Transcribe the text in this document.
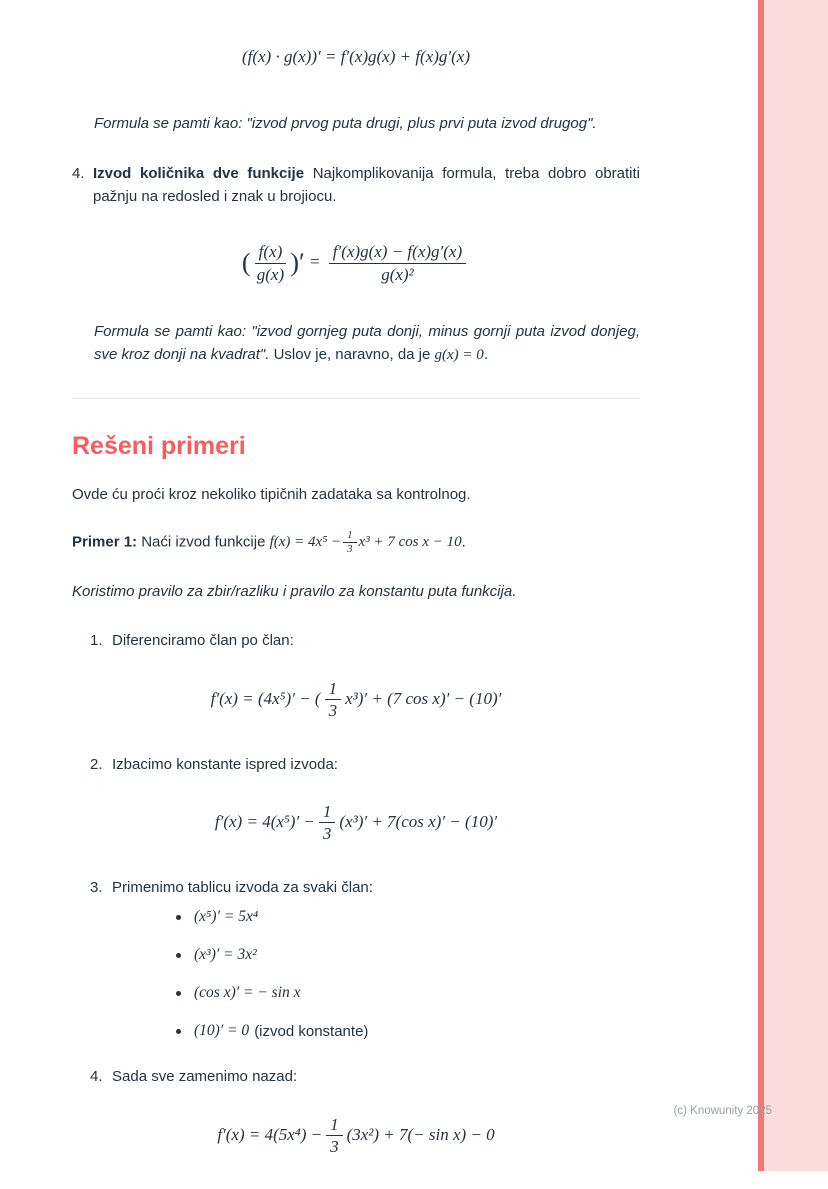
(f(x) · g(x))′ = f′(x)g(x) + f(x)g′(x)

Formula se pamti kao: "izvod prvog puta drugi, plus prvi puta izvod drugog".

4. Izvod količnika dve funkcije Najkomplikovanija formula, treba dobro obratiti pažnju na redosled i znak u brojiocu.
( $\frac{f(x)}{g(x)}$ )′ = $\frac{f'(x)g(x) - f(x)g'(x)}{\text{g(x)²}}$

Formula se pamti kao: "izvod gornjeg puta donji, minus gornji puta izvod donjeg, sve kroz donji na kvadrat". Uslov je, naravno, da je g(x) = 0.

Rešeni primeri

Ovde ću proći kroz nekoliko tipičnih zadataka sa kontrolnog.

Primer 1: Naći izvod funkcije $f(x) = 4x^5 - \frac{1}{3} x^3 + 7$ cos x − 10.

Koristimo pravilo za zbir/razliku i pravilo za konstantu puta funkcija.

1. Diferenciramo član po član:
f′(x) = (4x⁵)′ − ( $\frac{1}{3} x^3)' + (7$ cos x)′ − (10)′
2. Izbacimo konstante ispred izvoda:
$f'(x) = 4(x^5)' - \frac{1}{3} (x^3)' + 7(\cos$ x)′ − (10)′
3. Primenimo tablicu izvoda za svaki član:
(x⁵)′ = 5x⁴
(x³)′ = 3x²
(cos x)′ = − sin x
(10)′ = 0 (izvod konstante)
4. Sada sve zamenimo nazad:
$f'(x) = 4(5x^4) - \frac{1}{3} (3x^2) + 7(- \sin x) - 0$
(c) Knowunity 2025
